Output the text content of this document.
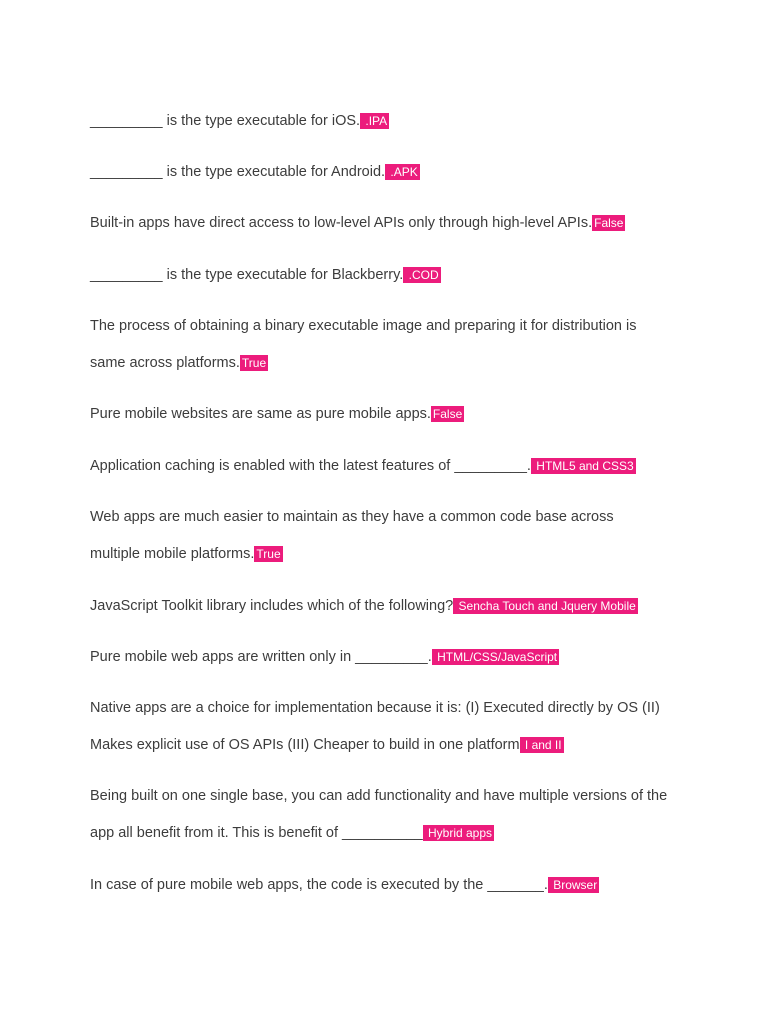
_________ is the type executable for iOS. .IPA

_________ is the type executable for Android. .APK

Built-in apps have direct access to low-level APIs only through high-level APIs. False

_________ is the type executable for Blackberry. .COD

The process of obtaining a binary executable image and preparing it for distribution is same across platforms. True

Pure mobile websites are same as pure mobile apps. False

Application caching is enabled with the latest features of _________. HTML5 and CSS3

Web apps are much easier to maintain as they have a common code base across multiple mobile platforms. True

JavaScript Toolkit library includes which of the following? Sencha Touch and Jquery Mobile

Pure mobile web apps are written only in _________. HTML/CSS/JavaScript

Native apps are a choice for implementation because it is: (I) Executed directly by OS (II) Makes explicit use of OS APIs (III) Cheaper to build in one platform I and II

Being built on one single base, you can add functionality and have multiple versions of the app all benefit from it. This is benefit of __________ Hybrid apps

In case of pure mobile web apps, the code is executed by the _______. Browser
